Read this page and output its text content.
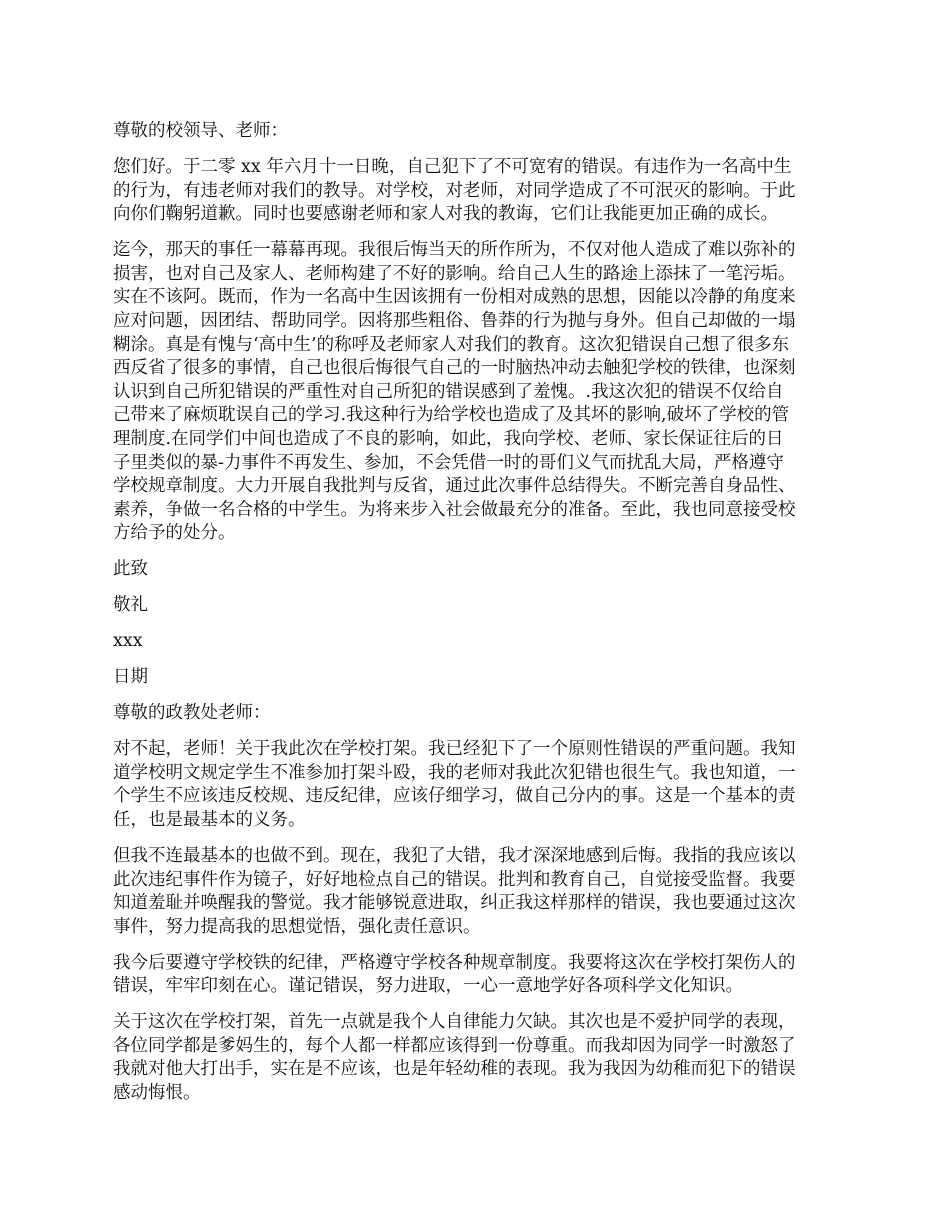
尊敬的校领导、老师：

您们好。于二零 xx 年六月十一日晚，自己犯下了不可宽宥的错误。有违作为一名高中生
的行为，有违老师对我们的教导。对学校，对老师，对同学造成了不可泯灭的影响。于此
向你们鞠躬道歉。同时也要感谢老师和家人对我的教诲，它们让我能更加正确的成长。

迄今，那天的事任一幕幕再现。我很后悔当天的所作所为，不仅对他人造成了难以弥补的
损害，也对自己及家人、老师构建了不好的影响。给自己人生的路途上添抹了一笔污垢。
实在不该阿。既而，作为一名高中生因该拥有一份相对成熟的思想，因能以冷静的角度来
应对问题，因团结、帮助同学。因将那些粗俗、鲁莽的行为抛与身外。但自己却做的一塌
糊涂。真是有愧与‘高中生’的称呼及老师家人对我们的教育。这次犯错误自己想了很多东
西反省了很多的事情，自己也很后悔很气自己的一时脑热冲动去触犯学校的铁律，也深刻
认识到自己所犯错误的严重性对自己所犯的错误感到了羞愧。.我这次犯的错误不仅给自
己带来了麻烦耽误自己的学习.我这种行为给学校也造成了及其坏的影响,破坏了学校的管
理制度.在同学们中间也造成了不良的影响，如此，我向学校、老师、家长保证往后的日
子里类似的暴-力事件不再发生、参加，不会凭借一时的哥们义气而扰乱大局，严格遵守
学校规章制度。大力开展自我批判与反省，通过此次事件总结得失。不断完善自身品性、
素养，争做一名合格的中学生。为将来步入社会做最充分的准备。至此，我也同意接受校
方给予的处分。

此致

敬礼

xxx

日期

尊敬的政教处老师：

对不起，老师！关于我此次在学校打架。我已经犯下了一个原则性错误的严重问题。我知
道学校明文规定学生不准参加打架斗殴，我的老师对我此次犯错也很生气。我也知道，一
个学生不应该违反校规、违反纪律，应该仔细学习，做自己分内的事。这是一个基本的责
任，也是最基本的义务。

但我不连最基本的也做不到。现在，我犯了大错，我才深深地感到后悔。我指的我应该以
此次违纪事件作为镜子，好好地检点自己的错误。批判和教育自己，自觉接受监督。我要
知道羞耻并唤醒我的警觉。我才能够锐意进取，纠正我这样那样的错误，我也要通过这次
事件，努力提高我的思想觉悟，强化责任意识。

我今后要遵守学校铁的纪律，严格遵守学校各种规章制度。我要将这次在学校打架伤人的
错误，牢牢印刻在心。谨记错误，努力进取，一心一意地学好各项科学文化知识。

关于这次在学校打架，首先一点就是我个人自律能力欠缺。其次也是不爱护同学的表现，
各位同学都是爹妈生的，每个人都一样都应该得到一份尊重。而我却因为同学一时激怒了
我就对他大打出手，实在是不应该，也是年轻幼稚的表现。我为我因为幼稚而犯下的错误
感动悔恨。
